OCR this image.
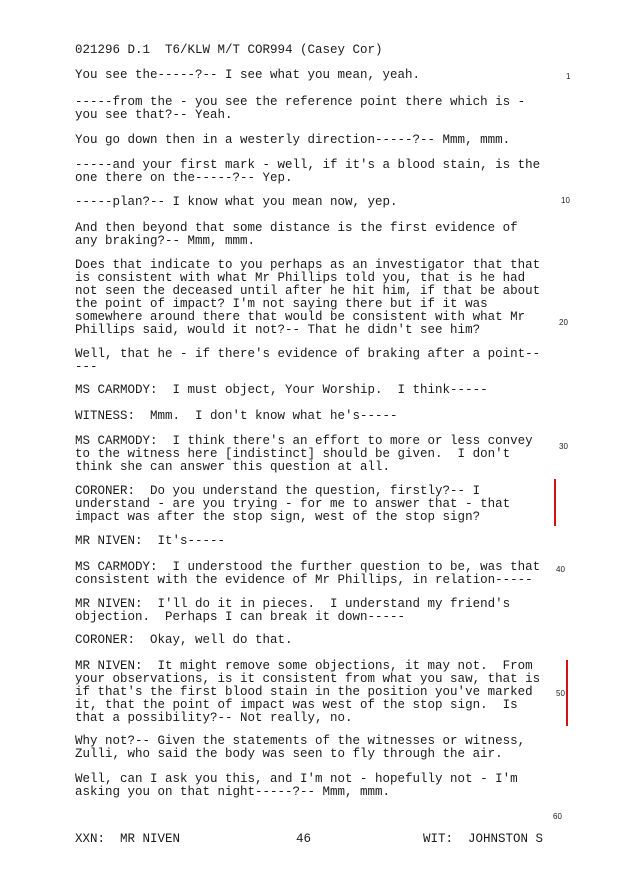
021296 D.1  T6/KLW M/T COR994 (Casey Cor)
You see the-----?-- I see what you mean, yeah.
-----from the - you see the reference point there which is -
you see that?-- Yeah.
You go down then in a westerly direction-----?-- Mmm, mmm.
-----and your first mark - well, if it's a blood stain, is the
one there on the-----?-- Yep.
-----plan?-- I know what you mean now, yep.
And then beyond that some distance is the first evidence of
any braking?-- Mmm, mmm.
Does that indicate to you perhaps as an investigator that that
is consistent with what Mr Phillips told you, that is he had
not seen the deceased until after he hit him, if that be about
the point of impact? I'm not saying there but if it was
somewhere around there that would be consistent with what Mr
Phillips said, would it not?-- That he didn't see him?
Well, that he - if there's evidence of braking after a point--
---
MS CARMODY:  I must object, Your Worship.  I think-----
WITNESS:  Mmm.  I don't know what he's-----
MS CARMODY:  I think there's an effort to more or less convey
to the witness here [indistinct] should be given.  I don't
think she can answer this question at all.
CORONER:  Do you understand the question, firstly?-- I
understand - are you trying - for me to answer that - that
impact was after the stop sign, west of the stop sign?
MR NIVEN:  It's-----
MS CARMODY:  I understood the further question to be, was that
consistent with the evidence of Mr Phillips, in relation-----
MR NIVEN:  I'll do it in pieces.  I understand my friend's
objection.  Perhaps I can break it down-----
CORONER:  Okay, well do that.
MR NIVEN:  It might remove some objections, it may not.  From
your observations, is it consistent from what you saw, that is
if that's the first blood stain in the position you've marked
it, that the point of impact was west of the stop sign.  Is
that a possibility?-- Not really, no.
Why not?-- Given the statements of the witnesses or witness,
Zulli, who said the body was seen to fly through the air.
Well, can I ask you this, and I'm not - hopefully not - I'm
asking you on that night-----?-- Mmm, mmm.
1
10
20
30
40
50
60
XXN:  MR NIVEN	46	WIT:  JOHNSTON S
